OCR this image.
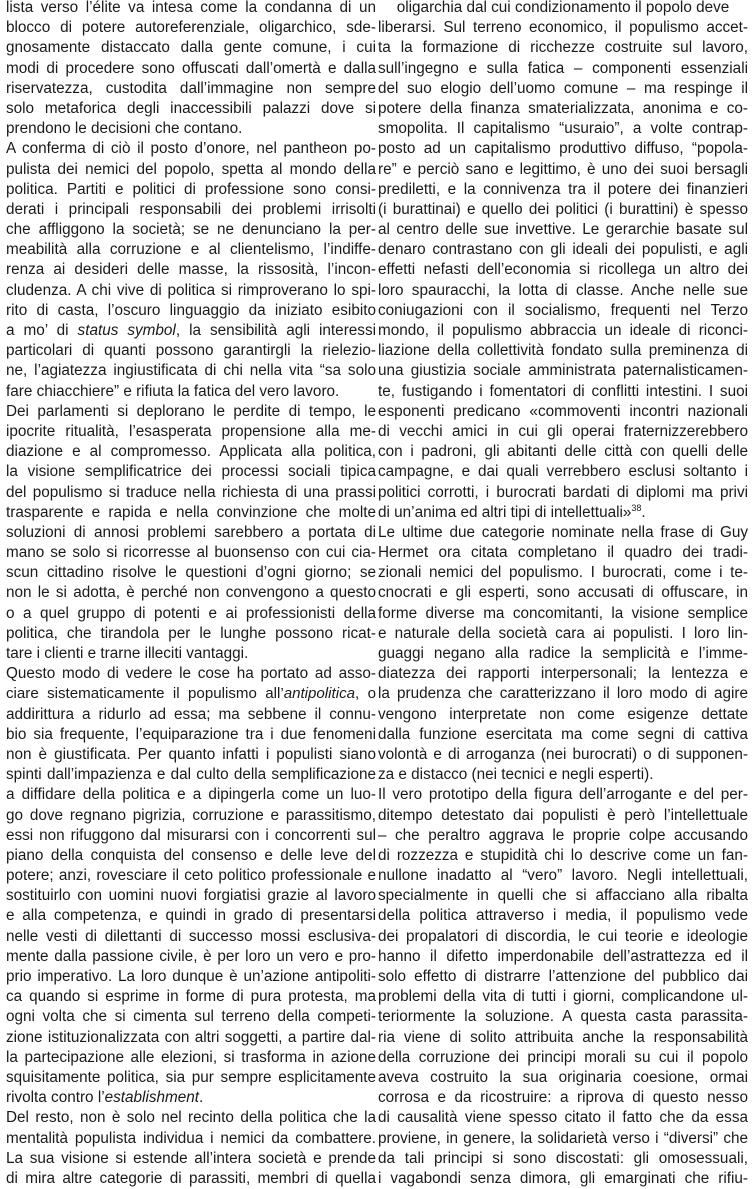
lista verso l’élite va intesa come la condanna di un
blocco di potere autoreferenziale, oligarchico, sde-
gnosamente distaccato dalla gente comune, i cui
modi di procedere sono offuscati dall’omertà e dalla
riservatezza, custodita dall’immagine non sempre
solo metaforica degli inaccessibili palazzi dove si
prendono le decisioni che contano.
A conferma di ciò il posto d’onore, nel pantheon po-
pulista dei nemici del popolo, spetta al mondo della
politica. Partiti e politici di professione sono consi-
derati i principali responsabili dei problemi irrisolti
che affliggono la società; se ne denunciano la per-
meabilità alla corruzione e al clientelismo, l’indiffe-
renza ai desideri delle masse, la rissosità, l’incon-
cludenza. A chi vive di politica si rimproverano lo spi-
rito di casta, l’oscuro linguaggio da iniziato esibito
a mo’ di status symbol, la sensibilità agli interessi
particolari di quanti possono garantirgli la rielezio-
ne, l’agiatezza ingiustificata di chi nella vita “sa solo
fare chiacchiere” e rifiuta la fatica del vero lavoro.
Dei parlamenti si deplorano le perdite di tempo, le
ipocrite ritualità, l’esasperata propensione alla me-
diazione e al compromesso. Applicata alla politica,
la visione semplificatrice dei processi sociali tipica
del populismo si traduce nella richiesta di una prassi
trasparente e rapida e nella convinzione che molte
soluzioni di annosi problemi sarebbero a portata di
mano se solo si ricorresse al buonsenso con cui cia-
scun cittadino risolve le questioni d’ogni giorno; se
non le si adotta, è perché non convengono a questo
o a quel gruppo di potenti e ai professionisti della
politica, che tirandola per le lunghe possono ricat-
tare i clienti e trarne illeciti vantaggi.
Questo modo di vedere le cose ha portato ad asso-
ciare sistematicamente il populismo all’antipolitica, o
addirittura a ridurlo ad essa; ma sebbene il connu-
bio sia frequente, l’equiparazione tra i due fenomeni
non è giustificata. Per quanto infatti i populisti siano
spinti dall’impazienza e dal culto della semplificazione
a diffidare della politica e a dipingerla come un luo-
go dove regnano pigrizia, corruzione e parassitismo,
essi non rifuggono dal misurarsi con i concorrenti sul
piano della conquista del consenso e delle leve del
potere; anzi, rovesciare il ceto politico professionale e
sostituirlo con uomini nuovi forgiatisi grazie al lavoro
e alla competenza, e quindi in grado di presentarsi
nelle vesti di dilettanti di successo mossi esclusiva-
mente dalla passione civile, è per loro un vero e pro-
prio imperativo. La loro dunque è un’azione antipoliti-
ca quando si esprime in forme di pura protesta, ma
ogni volta che si cimenta sul terreno della competi-
zione istituzionalizzata con altri soggetti, a partire dal-
la partecipazione alle elezioni, si trasforma in azione
squisitamente politica, sia pur sempre esplicitamente
rivolta contro l’establishment.
Del resto, non è solo nel recinto della politica che la
mentalità populista individua i nemici da combattere.
La sua visione si estende all’intera società e prende
di mira altre categorie di parassiti, membri di quella
oligarchia dal cui condizionamento il popolo deve
liberarsi. Sul terreno economico, il populismo accet-
ta la formazione di ricchezze costruite sul lavoro,
sull’ingegno e sulla fatica – componenti essenziali
del suo elogio dell’uomo comune – ma respinge il
potere della finanza smaterializzata, anonima e co-
smopolita. Il capitalismo “usuraio”, a volte contrap-
posto ad un capitalismo produttivo diffuso, “popola-
re” e perciò sano e legittimo, è uno dei suoi bersagli
prediletti, e la connivenza tra il potere dei finanzieri
(i burattinai) e quello dei politici (i burattini) è spesso
al centro delle sue invettive. Le gerarchie basate sul
denaro contrastano con gli ideali dei populisti, e agli
effetti nefasti dell’economia si ricollega un altro dei
loro spauracchi, la lotta di classe. Anche nelle sue
coniugazioni con il socialismo, frequenti nel Terzo
mondo, il populismo abbraccia un ideale di riconci-
liazione della collettività fondato sulla preminenza di
una giustizia sociale amministrata paternalisticamen-
te, fustigando i fomentatori di conflitti intestini. I suoi
esponenti predicano «commoventi incontri nazionali
di vecchi amici in cui gli operai fraternizzerebbero
con i padroni, gli abitanti delle città con quelli delle
campagne, e dai quali verrebbero esclusi soltanto i
politici corrotti, i burocrati bardati di diplomi ma privi
di un’anima ed altri tipi di intellettuali»$^{38}$.
Le ultime due categorie nominate nella frase di Guy
Hermet ora citata completano il quadro dei tradi-
zionali nemici del populismo. I burocrati, come i te-
cnocrati e gli esperti, sono accusati di offuscare, in
forme diverse ma concomitanti, la visione semplice
e naturale della società cara ai populisti. I loro lin-
guaggi negano alla radice la semplicità e l’imme-
diatezza dei rapporti interpersonali; la lentezza e
la prudenza che caratterizzano il loro modo di agire
vengono interpretate non come esigenze dettate
dalla funzione esercitata ma come segni di cattiva
volontà e di arroganza (nei burocrati) o di supponen-
za e distacco (nei tecnici e negli esperti).
Il vero prototipo della figura dell’arrogante e del per-
ditempo detestato dai populisti è però l’intellettuale
– che peraltro aggrava le proprie colpe accusando
di rozzezza e stupidità chi lo descrive come un fan-
nullone inadatto al “vero” lavoro. Negli intellettuali,
specialmente in quelli che si affacciano alla ribalta
della politica attraverso i media, il populismo vede
dei propalatori di discordia, le cui teorie e ideologie
hanno il difetto imperdonabile dell’astrattezza ed il
solo effetto di distrarre l’attenzione del pubblico dai
problemi della vita di tutti i giorni, complicandone ul-
teriormente la soluzione. A questa casta parassita-
ria viene di solito attribuita anche la responsabilità
della corruzione dei principi morali su cui il popolo
aveva costruito la sua originaria coesione, ormai
corrosa e da ricostruire: a riprova di questo nesso
di causalità viene spesso citato il fatto che da essa
proviene, in genere, la solidarietà verso i “diversi” che
da tali principi si sono discostati: gli omosessuali,
i vagabondi senza dimora, gli emarginati che rifiu-
